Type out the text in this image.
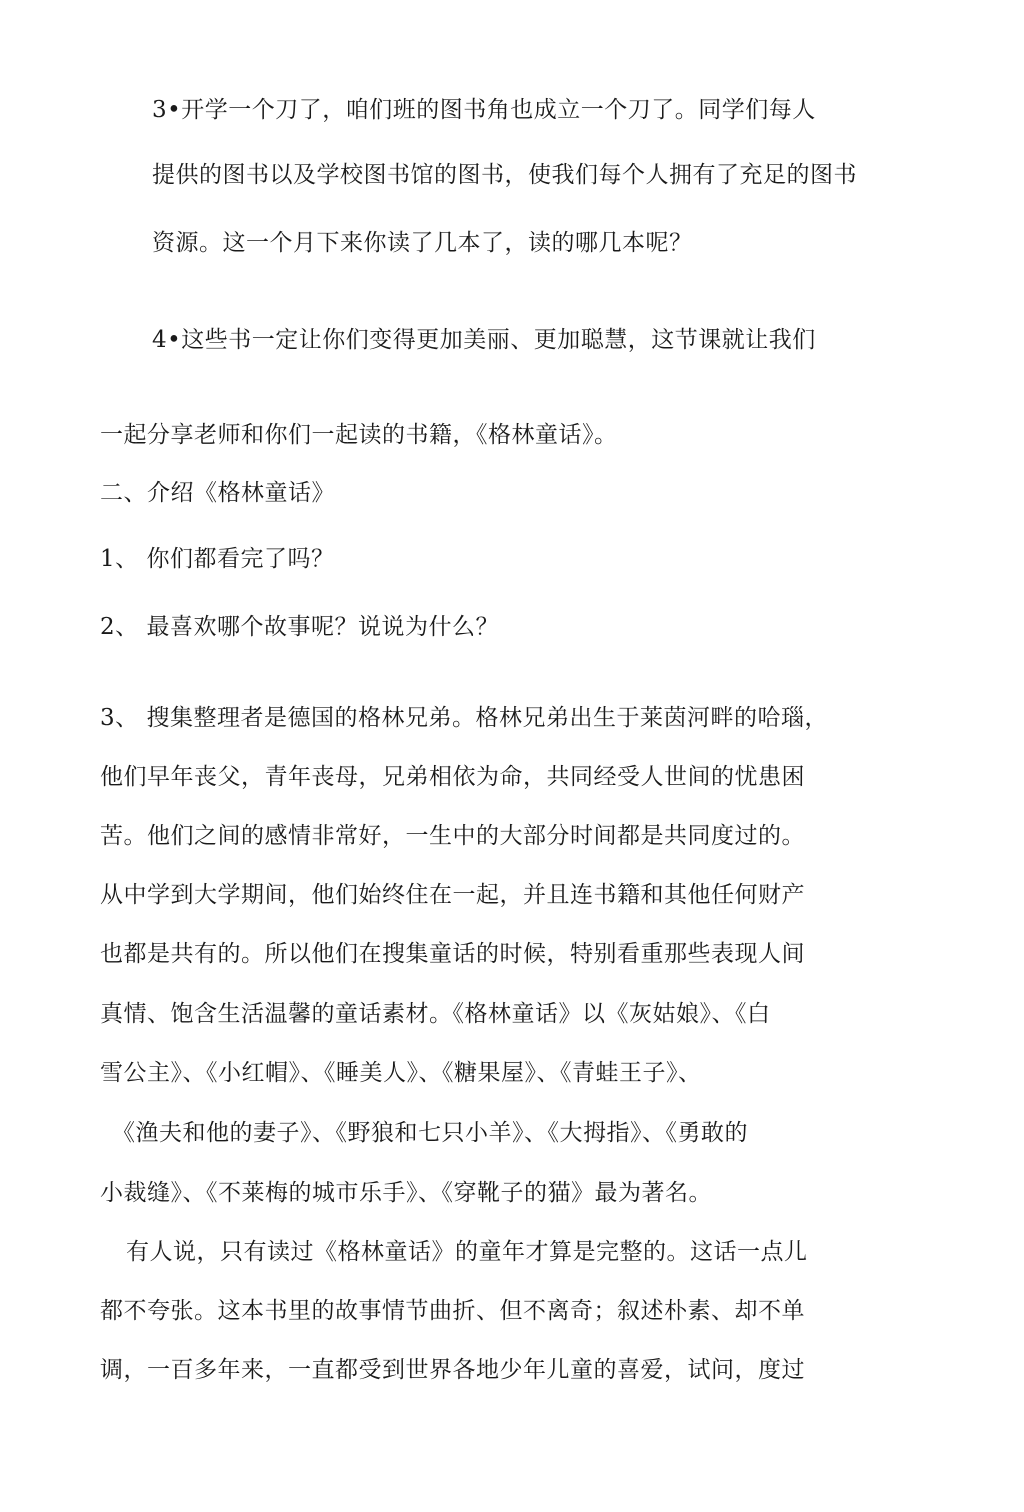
3•开学一个刀了，咱们班的图书角也成立一个刀了。同学们每人
提供的图书以及学校图书馆的图书，使我们每个人拥有了充足的图书
资源。这一个月下来你读了几本了，读的哪几本呢？
4•这些书一定让你们变得更加美丽、更加聪慧，这节课就让我们
一起分享老师和你们一起读的书籍，《格林童话》。
二、介绍《格林童话》
1、 你们都看完了吗？
2、 最喜欢哪个故事呢？说说为什么？
3、 搜集整理者是德国的格林兄弟。格林兄弟出生于莱茵河畔的哈瑙，
他们早年丧父，青年丧母，兄弟相依为命，共同经受人世间的忧患困
苦。他们之间的感情非常好，一生中的大部分时间都是共同度过的。
从中学到大学期间，他们始终住在一起，并且连书籍和其他任何财产
也都是共有的。所以他们在搜集童话的时候，特别看重那些表现人间
真情、饱含生活温馨的童话素材。《格林童话》以《灰姑娘》、《白
雪公主》、《小红帽》、《睡美人》、《糖果屋》、《青蛙王子》、
《渔夫和他的妻子》、《野狼和七只小羊》、《大拇指》、《勇敢的
小裁缝》、《不莱梅的城市乐手》、《穿靴子的猫》最为著名。
有人说，只有读过《格林童话》的童年才算是完整的。这话一点儿
都不夸张。这本书里的故事情节曲折、但不离奇；叙述朴素、却不单
调，一百多年来，一直都受到世界各地少年儿童的喜爱，试问，度过
